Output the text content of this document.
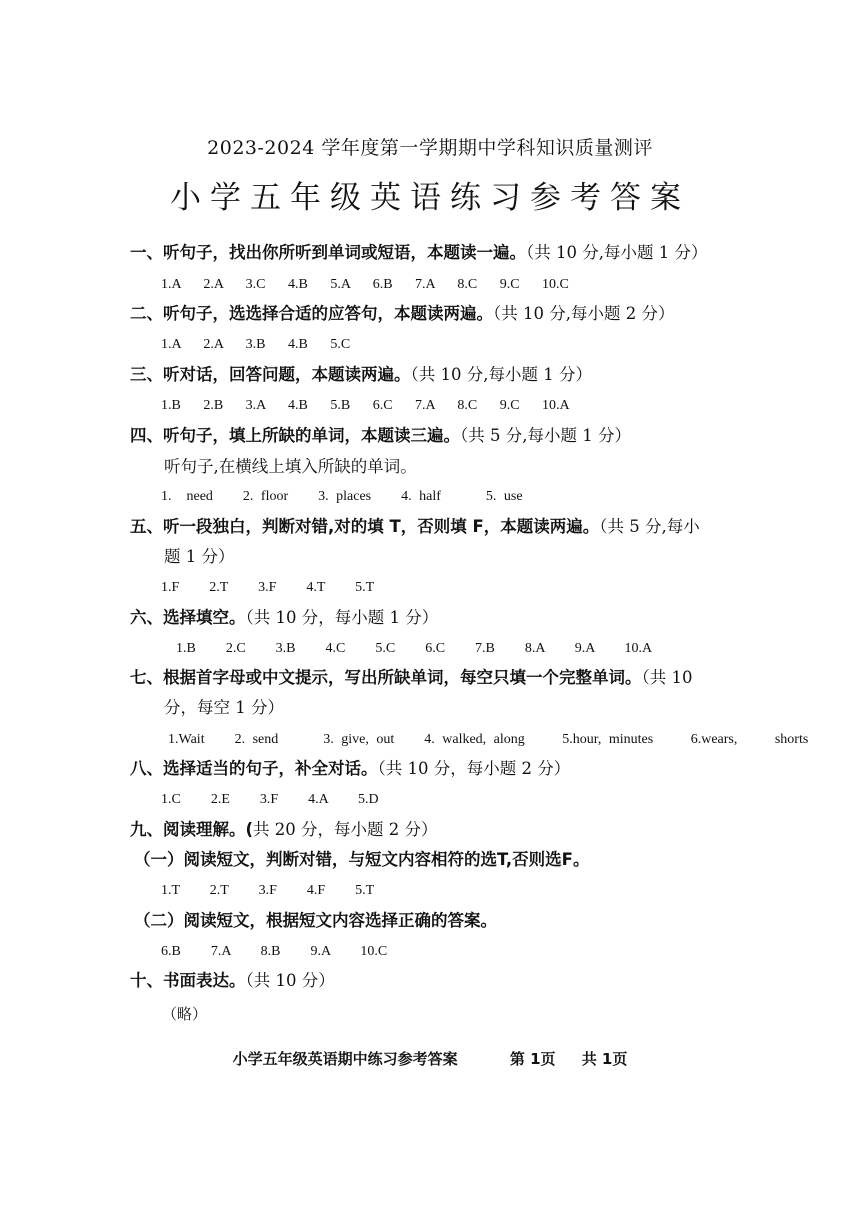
2023-2024 学年度第一学期期中学科知识质量测评
小学五年级英语练习参考答案
一、听句子，找出你所听到单词或短语，本题读一遍。（共 10 分,每小题 1 分）
1.A   2.A   3.C   4.B   5.A   6.B   7.A   8.C   9.C   10.C
二、听句子，选选择合适的应答句，本题读两遍。（共 10 分,每小题 2 分）
1.A   2.A   3.B   4.B   5.C
三、听对话，回答问题，本题读两遍。（共 10 分,每小题 1 分）
1.B   2.B   3.A   4.B   5.B   6.C   7.A   8.C   9.C   10.A
四、听句子，填上所缺的单词，本题读三遍。（共 5 分,每小题 1 分）
听句子,在横线上填入所缺的单词。
1.  need    2. floor    3. places    4. half      5. use
五、听一段独白，判断对错,对的填 T，否则填 F，本题读两遍。（共 5 分,每小
题 1 分）
1.F    2.T    3.F    4.T    5.T
六、选择填空。（共 10 分，每小题 1 分）
1.B    2.C    3.B    4.C    5.C    6.C    7.B    8.A    9.A    10.A
七、根据首字母或中文提示，写出所缺单词，每空只填一个完整单词。（共 10
分，每空 1 分）
1.Wait    2. send      3. give, out    4. walked, along     5.hour, minutes     6.wears,     shorts
八、选择适当的句子，补全对话。（共 10 分，每小题 2 分）
1.C    2.E    3.F    4.A    5.D
九、阅读理解。(共 20 分，每小题 2 分）
（一）阅读短文，判断对错，与短文内容相符的选T,否则选F。
1.T    2.T    3.F    4.F    5.T
（二）阅读短文，根据短文内容选择正确的答案。
6.B    7.A    8.B    9.A    10.C
十、书面表达。（共 10 分）
（略）
小学五年级英语期中练习参考答案	第 1页 共 1页
